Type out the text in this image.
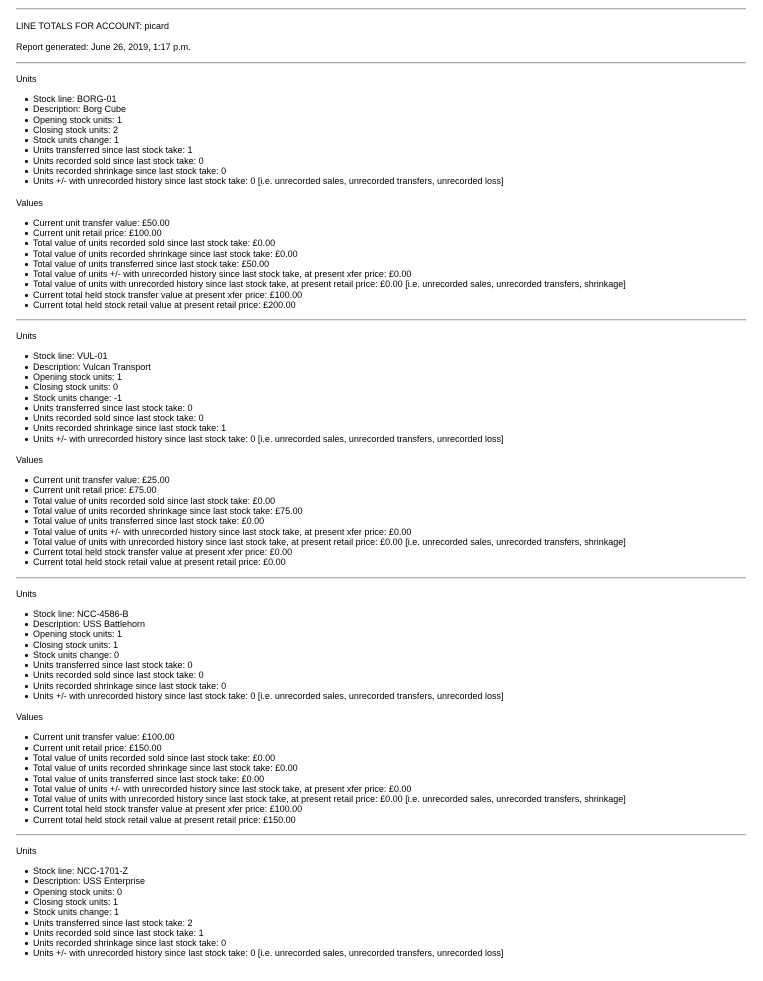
LINE TOTALS FOR ACCOUNT: picard
Report generated: June 26, 2019, 1:17 p.m.
Units
Stock line: BORG-01
Description: Borg Cube
Opening stock units: 1
Closing stock units: 2
Stock units change: 1
Units transferred since last stock take: 1
Units recorded sold since last stock take: 0
Units recorded shrinkage since last stock take: 0
Units +/- with unrecorded history since last stock take: 0 [i.e. unrecorded sales, unrecorded transfers, unrecorded loss]
Values
Current unit transfer value: £50.00
Current unit retail price: £100.00
Total value of units recorded sold since last stock take: £0.00
Total value of units recorded shrinkage since last stock take: £0.00
Total value of units transferred since last stock take: £50.00
Total value of units +/- with unrecorded history since last stock take, at present xfer price: £0.00
Total value of units with unrecorded history since last stock take, at present retail price: £0.00 [i.e. unrecorded sales, unrecorded transfers, shrinkage]
Current total held stock transfer value at present xfer price: £100.00
Current total held stock retail value at present retail price: £200.00
Units
Stock line: VUL-01
Description: Vulcan Transport
Opening stock units: 1
Closing stock units: 0
Stock units change: -1
Units transferred since last stock take: 0
Units recorded sold since last stock take: 0
Units recorded shrinkage since last stock take: 1
Units +/- with unrecorded history since last stock take: 0 [i.e. unrecorded sales, unrecorded transfers, unrecorded loss]
Values
Current unit transfer value: £25.00
Current unit retail price: £75.00
Total value of units recorded sold since last stock take: £0.00
Total value of units recorded shrinkage since last stock take: £75.00
Total value of units transferred since last stock take: £0.00
Total value of units +/- with unrecorded history since last stock take, at present xfer price: £0.00
Total value of units with unrecorded history since last stock take, at present retail price: £0.00 [i.e. unrecorded sales, unrecorded transfers, shrinkage]
Current total held stock transfer value at present xfer price: £0.00
Current total held stock retail value at present retail price: £0.00
Units
Stock line: NCC-4586-B
Description: USS Battlehorn
Opening stock units: 1
Closing stock units: 1
Stock units change: 0
Units transferred since last stock take: 0
Units recorded sold since last stock take: 0
Units recorded shrinkage since last stock take: 0
Units +/- with unrecorded history since last stock take: 0 [i.e. unrecorded sales, unrecorded transfers, unrecorded loss]
Values
Current unit transfer value: £100.00
Current unit retail price: £150.00
Total value of units recorded sold since last stock take: £0.00
Total value of units recorded shrinkage since last stock take: £0.00
Total value of units transferred since last stock take: £0.00
Total value of units +/- with unrecorded history since last stock take, at present xfer price: £0.00
Total value of units with unrecorded history since last stock take, at present retail price: £0.00 [i.e. unrecorded sales, unrecorded transfers, shrinkage]
Current total held stock transfer value at present xfer price: £100.00
Current total held stock retail value at present retail price: £150.00
Units
Stock line: NCC-1701-Z
Description: USS Enterprise
Opening stock units: 0
Closing stock units: 1
Stock units change: 1
Units transferred since last stock take: 2
Units recorded sold since last stock take: 1
Units recorded shrinkage since last stock take: 0
Units +/- with unrecorded history since last stock take: 0 [i.e. unrecorded sales, unrecorded transfers, unrecorded loss]
